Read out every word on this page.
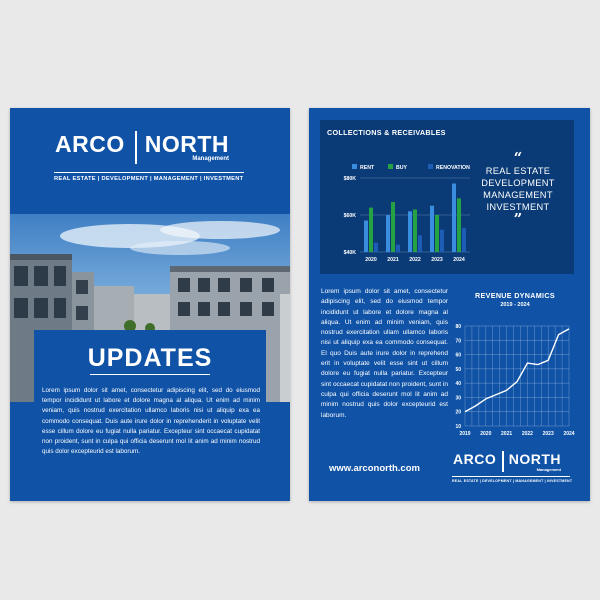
ARCO NORTH
Management
REAL ESTATE | DEVELOPMENT | MANAGEMENT | INVESTMENT
UPDATES
Lorem ipsum dolor sit amet, consectetur adipiscing elit, sed do eiusmod tempor incididunt ut labore et dolore magna al aliqua. Ut enim ad minim veniam, quis nostrud exercitation ullamco laboris nisi ut aliquip exa ea commodo consequat. Duis aute irure dolor in reprehenderit in voluptate velit esse cillum dolore eu fugiat nulla pariatur. Excepteur sint occaecat cupidatat non proident, sunt in culpa qui officia deserunt mol lit anim ad minim nostrud quis dolor excepteurid est laborum.
RENT	BUY	RENOVATION
$40K
$60K
$80K
2020 2021 2022 2023 2024
COLLECTIONS & RECEIVABLES
“
REAL ESTATE
DEVELOPMENT
MANAGEMENT
INVESTMENT
”
Lorem ipsum dolor sit amet, consectetur adipiscing elit, sed do eiusmod tempor incididunt ut labore et dolore magna al aliqua. Ut enim ad minim veniam, quis nostrud exercitation ullam ullamco laboris nisi ut aliquip exa ea commodo consequat. El quo Duis aute irure dolor in reprehend erit in voluptate velit esse sint ut cillum dolore eu fugiat nulla pariatur. Excepteur sint occaecat cupidatat non proident, sunt in culpa qui officia deserunt mol lit anim ad minim nostrud quis dolor excepteurid est laborum.
REVENUE DYNAMICS
2019 - 2024
10
20
30
40
50
60
70
80
2019 2020 2021 2022 2023 2024
www.arconorth.com
ARCO NORTH
Management
REAL ESTATE | DEVELOPMENT | MANAGEMENT | INVESTMENT
